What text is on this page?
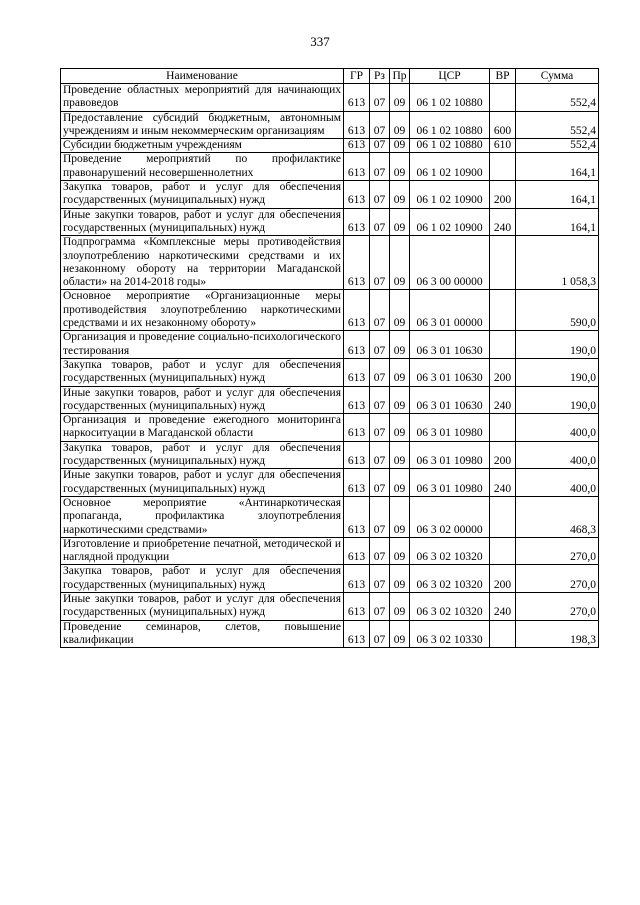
337
Наименование	ГР	Рз	Пр	ЦСР	ВР	Сумма
Проведение областных мероприятий для начинающих правоведов	613	07	09	06 1 02 10880		552,4
Предоставление субсидий бюджетным, автономным учреждениям и иным некоммерческим организациям	613	07	09	06 1 02 10880	600	552,4
Субсидии бюджетным учреждениям	613	07	09	06 1 02 10880	610	552,4
Проведение мероприятий по профилактике правонарушений несовершеннолетних	613	07	09	06 1 02 10900		164,1
Закупка товаров, работ и услуг для обеспечения государственных (муниципальных) нужд	613	07	09	06 1 02 10900	200	164,1
Иные закупки товаров, работ и услуг для обеспечения государственных (муниципальных) нужд	613	07	09	06 1 02 10900	240	164,1
Подпрограмма «Комплексные меры противодействия злоупотреблению наркотическими средствами и их незаконному обороту на территории Магаданской области» на 2014-2018 годы»	613	07	09	06 3 00 00000		1 058,3
Основное мероприятие «Организационные меры противодействия злоупотреблению наркотическими средствами и их незаконному обороту»	613	07	09	06 3 01 00000		590,0
Организация и проведение социально-психологического тестирования	613	07	09	06 3 01 10630		190,0
Закупка товаров, работ и услуг для обеспечения государственных (муниципальных) нужд	613	07	09	06 3 01 10630	200	190,0
Иные закупки товаров, работ и услуг для обеспечения государственных (муниципальных) нужд	613	07	09	06 3 01 10630	240	190,0
Организация и проведение ежегодного мониторинга наркоситуации в Магаданской области	613	07	09	06 3 01 10980		400,0
Закупка товаров, работ и услуг для обеспечения государственных (муниципальных) нужд	613	07	09	06 3 01 10980	200	400,0
Иные закупки товаров, работ и услуг для обеспечения государственных (муниципальных) нужд	613	07	09	06 3 01 10980	240	400,0
Основное мероприятие «Антинаркотическая пропаганда, профилактика злоупотребления наркотическими средствами»	613	07	09	06 3 02 00000		468,3
Изготовление и приобретение печатной, методической и наглядной продукции	613	07	09	06 3 02 10320		270,0
Закупка товаров, работ и услуг для обеспечения государственных (муниципальных) нужд	613	07	09	06 3 02 10320	200	270,0
Иные закупки товаров, работ и услуг для обеспечения государственных (муниципальных) нужд	613	07	09	06 3 02 10320	240	270,0
Проведение семинаров, слетов, повышение квалификации	613	07	09	06 3 02 10330		198,3
